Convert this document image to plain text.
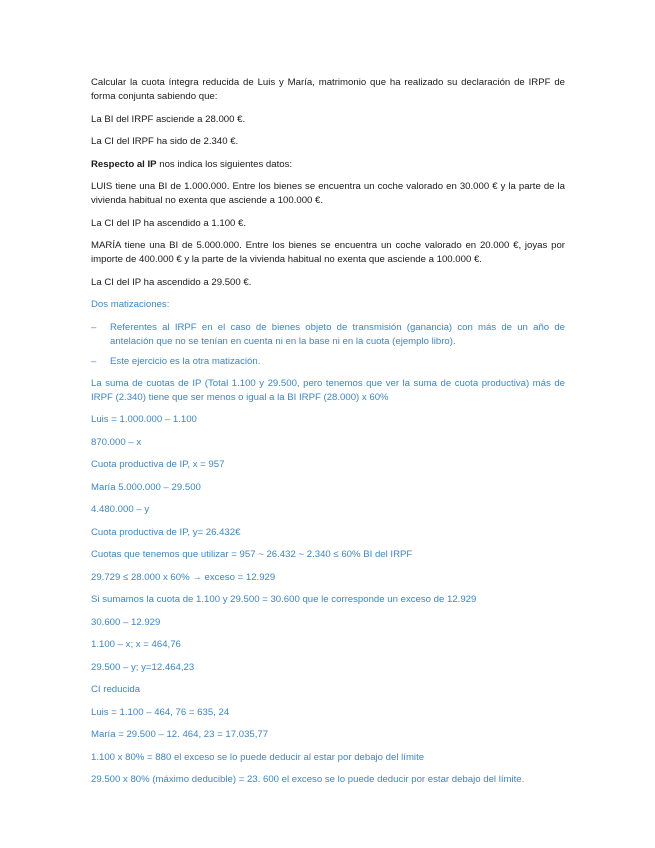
Calcular la cuota íntegra reducida de Luis y María, matrimonio que ha realizado su declaración de IRPF de forma conjunta sabiendo que:

La BI del IRPF asciende a 28.000 €.

La CI del IRPF ha sido de 2.340 €.

Respecto al IP nos indica los siguientes datos:

LUIS tiene una BI de 1.000.000. Entre los bienes se encuentra un coche valorado en 30.000 € y la parte de la vivienda habitual no exenta que asciende a 100.000 €.

La CI del IP ha ascendido a 1.100 €.

MARÍA tiene una BI de 5.000.000. Entre los bienes se encuentra un coche valorado en 20.000 €, joyas por importe de 400.000 € y la parte de la vivienda habitual no exenta que asciende a 100.000 €.

La CI del IP ha ascendido a 29.500 €.

Dos matizaciones:

– Referentes al IRPF en el caso de bienes objeto de transmisión (ganancia) con más de un año de antelación que no se tenían en cuenta ni en la base ni en la cuota (ejemplo libro).
– Este ejercicio es la otra matización.

La suma de cuotas de IP (Total 1.100 y 29.500, pero tenemos que ver la suma de cuota productiva) más de IRPF (2.340) tiene que ser menos o igual a la BI IRPF (28.000) x 60%

Luis = 1.000.000 – 1.100

870.000 – x

Cuota productiva de IP, x = 957

María 5.000.000 – 29.500

4.480.000 – y

Cuota productiva de IP, y= 26.432€

Cuotas que tenemos que utilizar = 957 ~ 26.432 ~ 2.340 ≤ 60% BI del IRPF

29.729 ≤ 28.000 x 60% → exceso = 12.929

Si sumamos la cuota de 1.100 y 29.500 = 30.600 que le corresponde un exceso de 12.929

30.600 – 12.929

1.100 – x; x = 464,76

29.500 – y; y=12.464,23

CI reducida

Luis = 1.100 – 464, 76 = 635, 24

María = 29.500 – 12. 464, 23 = 17.035,77

1.100 x 80% = 880 el exceso se lo puede deducir al estar por debajo del límite

29.500 x 80% (máximo deducible) = 23. 600 el exceso se lo puede deducir por estar debajo del límite.
